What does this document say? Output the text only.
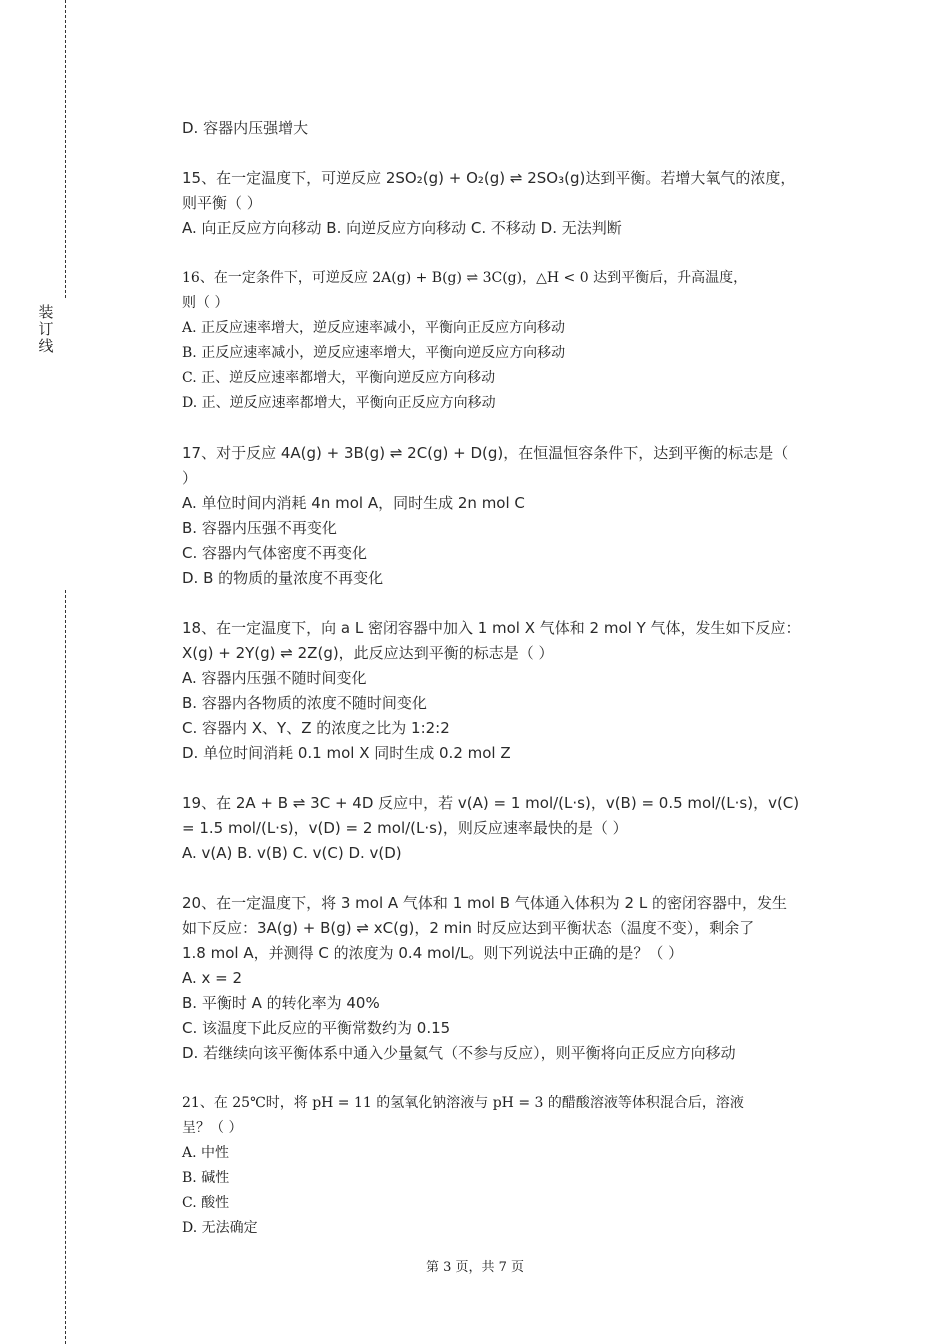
装
订
线
D. 容器内压强增大
15、在一定温度下，可逆反应 2SO₂(g) + O₂(g) ⇌ 2SO₃(g)达到平衡。若增大氧气的浓度，
则平衡（ ）
A. 向正反应方向移动 B. 向逆反应方向移动 C. 不移动 D. 无法判断
16、在一定条件下，可逆反应 2A(g) + B(g) ⇌ 3C(g)，△H < 0 达到平衡后，升高温度，
则（ ）
A. 正反应速率增大，逆反应速率减小，平衡向正反应方向移动
B. 正反应速率减小，逆反应速率增大，平衡向逆反应方向移动
C. 正、逆反应速率都增大，平衡向逆反应方向移动
D. 正、逆反应速率都增大，平衡向正反应方向移动
17、对于反应 4A(g) + 3B(g) ⇌ 2C(g) + D(g)，在恒温恒容条件下，达到平衡的标志是（
）
A. 单位时间内消耗 4n mol A，同时生成 2n mol C
B. 容器内压强不再变化
C. 容器内气体密度不再变化
D. B 的物质的量浓度不再变化
18、在一定温度下，向 a L 密闭容器中加入 1 mol X 气体和 2 mol Y 气体，发生如下反应：
X(g) + 2Y(g) ⇌ 2Z(g)，此反应达到平衡的标志是（ ）
A. 容器内压强不随时间变化
B. 容器内各物质的浓度不随时间变化
C. 容器内 X、Y、Z 的浓度之比为 1:2:2
D. 单位时间消耗 0.1 mol X 同时生成 0.2 mol Z
19、在 2A + B ⇌ 3C + 4D 反应中，若 v(A) = 1 mol/(L·s)，v(B) = 0.5 mol/(L·s)，v(C)
= 1.5 mol/(L·s)，v(D) = 2 mol/(L·s)，则反应速率最快的是（ ）
A. v(A) B. v(B) C. v(C) D. v(D)
20、在一定温度下，将 3 mol A 气体和 1 mol B 气体通入体积为 2 L 的密闭容器中，发生
如下反应：3A(g) + B(g) ⇌ xC(g)，2 min 时反应达到平衡状态（温度不变），剩余了
1.8 mol A，并测得 C 的浓度为 0.4 mol/L。则下列说法中正确的是？（ ）
A. x = 2
B. 平衡时 A 的转化率为 40%
C. 该温度下此反应的平衡常数约为 0.15
D. 若继续向该平衡体系中通入少量氦气（不参与反应），则平衡将向正反应方向移动
21、在 25℃时，将 pH = 11 的氢氧化钠溶液与 pH = 3 的醋酸溶液等体积混合后，溶液
呈？（ ）
A. 中性
B. 碱性
C. 酸性
D. 无法确定
第 3 页，共 7 页
